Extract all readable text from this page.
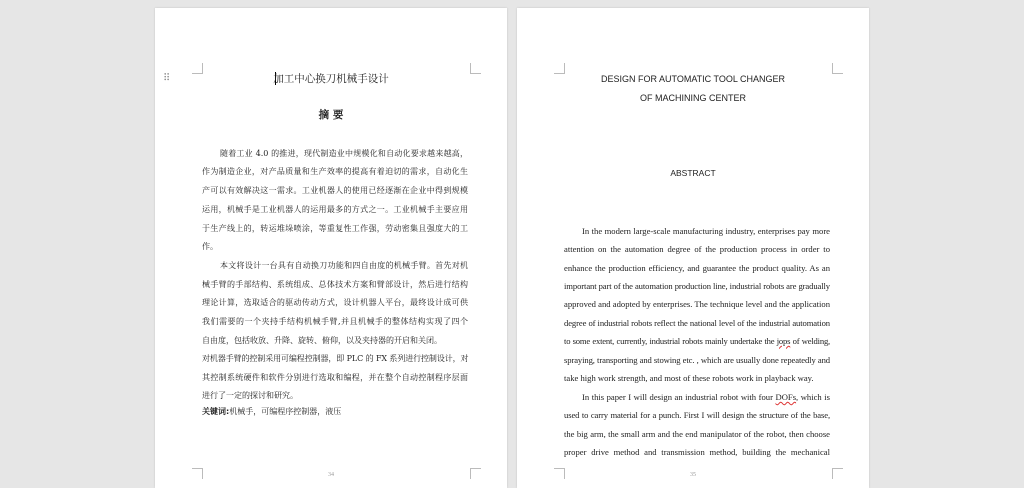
⠿	加工中心换刀机械手设计
摘 要
随着工业 4.0 的推进，现代制造业中规模化和自动化要求越来越高，
作为制造企业，对产品质量和生产效率的提高有着迫切的需求，自动化生
产可以有效解决这一需求。工业机器人的使用已经逐渐在企业中得到规模
运用，机械手是工业机器人的运用最多的方式之一。工业机械手主要应用
于生产线上的，转运堆垛喷涂，等重复性工作强，劳动密集且强度大的工
作。
本文将设计一台具有自动换刀功能和四自由度的机械手臂。首先对机
械手臂的手部结构、系统组成、总体技术方案和臂部设计，然后进行结构
理论计算，选取适合的驱动传动方式，设计机器人平台，最终设计成可供
我们需要的一个夹持手结构机械手臂,并且机械手的整体结构实现了四个
自由度，包括收放、升降、旋转、俯仰，以及夹持器的开启和关闭。
对机器手臂的控制采用可编程控制器，即 PLC 的 FX 系列进行控制设计，对
其控制系统硬件和软件分别进行选取和编程，并在整个自动控制程序层面
进行了一定的探讨和研究。
关键词:机械手，可编程序控制器，液压
34
DESIGN FOR AUTOMATIC TOOL CHANGER
OF MACHINING CENTER
ABSTRACT
In the modern large-scale manufacturing industry, enterprises pay more
attention on the automation degree of the production process in order to
enhance the production efficiency, and guarantee the product quality. As an
important part of the automation production line, industrial robots are gradually
approved and adopted by enterprises. The technique level and the application
degree of industrial robots reflect the national level of the industrial automation
to some extent, currently, industrial robots mainly undertake the jops of welding,
spraying, transporting and stowing etc. , which are usually done repeatedly and
take high work strength, and most of these robots work in playback way.
In this paper I will design an industrial robot with four DOFs, which is
used to carry material for a punch. First I will design the structure of the base,
the big arm, the small arm and the end manipulator of the robot, then choose
proper drive method and transmission method, building the mechanical
35
